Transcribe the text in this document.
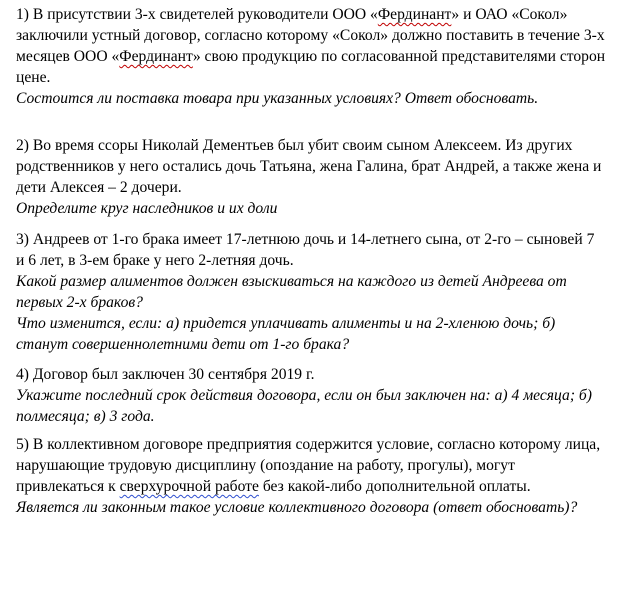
1) В присутствии 3-х свидетелей руководители ООО «Фердинант» и ОАО «Сокол» заключили устный договор, согласно которому «Сокол» должно поставить в течение 3-х месяцев ООО «Фердинант» свою продукцию по согласованной представителями сторон цене.

Состоится ли поставка товара при указанных условиях? Ответ обосновать.

2) Во время ссоры Николай Дементьев был убит своим сыном Алексеем. Из других родственников у него остались дочь Татьяна, жена Галина, брат Андрей, а также жена и дети Алексея – 2 дочери.

Определите круг наследников и их доли

3) Андреев от 1-го брака имеет 17-летнюю дочь и 14-летнего сына, от 2-го – сыновей 7 и 6 лет, в 3-ем браке у него 2-летняя дочь.

Какой размер алиментов должен взыскиваться на каждого из детей Андреева от первых 2-х браков?

Что изменится, если: а) придется уплачивать алименты и на 2-хленюю дочь; б) станут совершеннолетними дети от 1-го брака?

4) Договор был заключен 30 сентября 2019 г.

Укажите последний срок действия договора, если он был заключен на: а) 4 месяца; б) полмесяца; в) 3 года.

5) В коллективном договоре предприятия содержится условие, согласно которому лица, нарушающие трудовую дисциплину (опоздание на работу, прогулы), могут привлекаться к сверхурочной работе без какой-либо дополнительной оплаты.

Является ли законным такое условие коллективного договора (ответ обосновать)?
